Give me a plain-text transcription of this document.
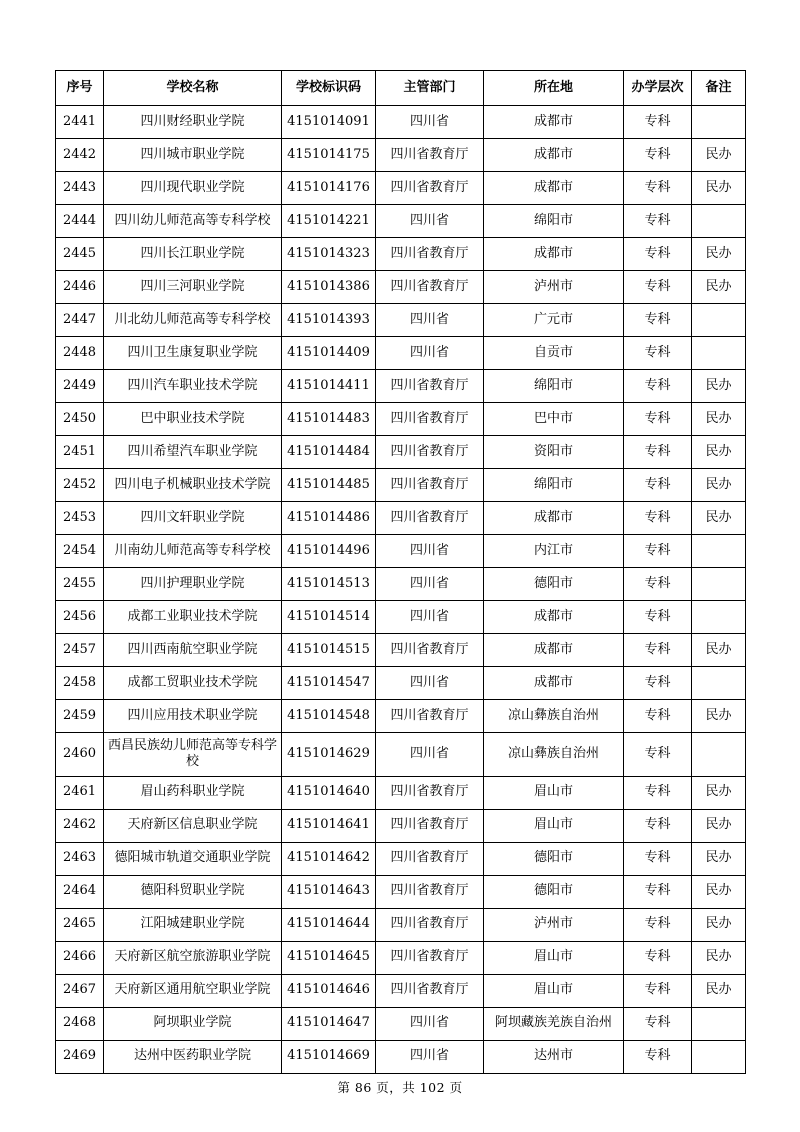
序号	学校名称	学校标识码	主管部门	所在地	办学层次	备注
2441	四川财经职业学院	4151014091	四川省	成都市	专科	
2442	四川城市职业学院	4151014175	四川省教育厅	成都市	专科	民办
2443	四川现代职业学院	4151014176	四川省教育厅	成都市	专科	民办
2444	四川幼儿师范高等专科学校	4151014221	四川省	绵阳市	专科	
2445	四川长江职业学院	4151014323	四川省教育厅	成都市	专科	民办
2446	四川三河职业学院	4151014386	四川省教育厅	泸州市	专科	民办
2447	川北幼儿师范高等专科学校	4151014393	四川省	广元市	专科	
2448	四川卫生康复职业学院	4151014409	四川省	自贡市	专科	
2449	四川汽车职业技术学院	4151014411	四川省教育厅	绵阳市	专科	民办
2450	巴中职业技术学院	4151014483	四川省教育厅	巴中市	专科	民办
2451	四川希望汽车职业学院	4151014484	四川省教育厅	资阳市	专科	民办
2452	四川电子机械职业技术学院	4151014485	四川省教育厅	绵阳市	专科	民办
2453	四川文轩职业学院	4151014486	四川省教育厅	成都市	专科	民办
2454	川南幼儿师范高等专科学校	4151014496	四川省	内江市	专科	
2455	四川护理职业学院	4151014513	四川省	德阳市	专科	
2456	成都工业职业技术学院	4151014514	四川省	成都市	专科	
2457	四川西南航空职业学院	4151014515	四川省教育厅	成都市	专科	民办
2458	成都工贸职业技术学院	4151014547	四川省	成都市	专科	
2459	四川应用技术职业学院	4151014548	四川省教育厅	凉山彝族自治州	专科	民办
2460	西昌民族幼儿师范高等专科学校	4151014629	四川省	凉山彝族自治州	专科	
2461	眉山药科职业学院	4151014640	四川省教育厅	眉山市	专科	民办
2462	天府新区信息职业学院	4151014641	四川省教育厅	眉山市	专科	民办
2463	德阳城市轨道交通职业学院	4151014642	四川省教育厅	德阳市	专科	民办
2464	德阳科贸职业学院	4151014643	四川省教育厅	德阳市	专科	民办
2465	江阳城建职业学院	4151014644	四川省教育厅	泸州市	专科	民办
2466	天府新区航空旅游职业学院	4151014645	四川省教育厅	眉山市	专科	民办
2467	天府新区通用航空职业学院	4151014646	四川省教育厅	眉山市	专科	民办
2468	阿坝职业学院	4151014647	四川省	阿坝藏族羌族自治州	专科	
2469	达州中医药职业学院	4151014669	四川省	达州市	专科	
第 86 页，共 102 页
